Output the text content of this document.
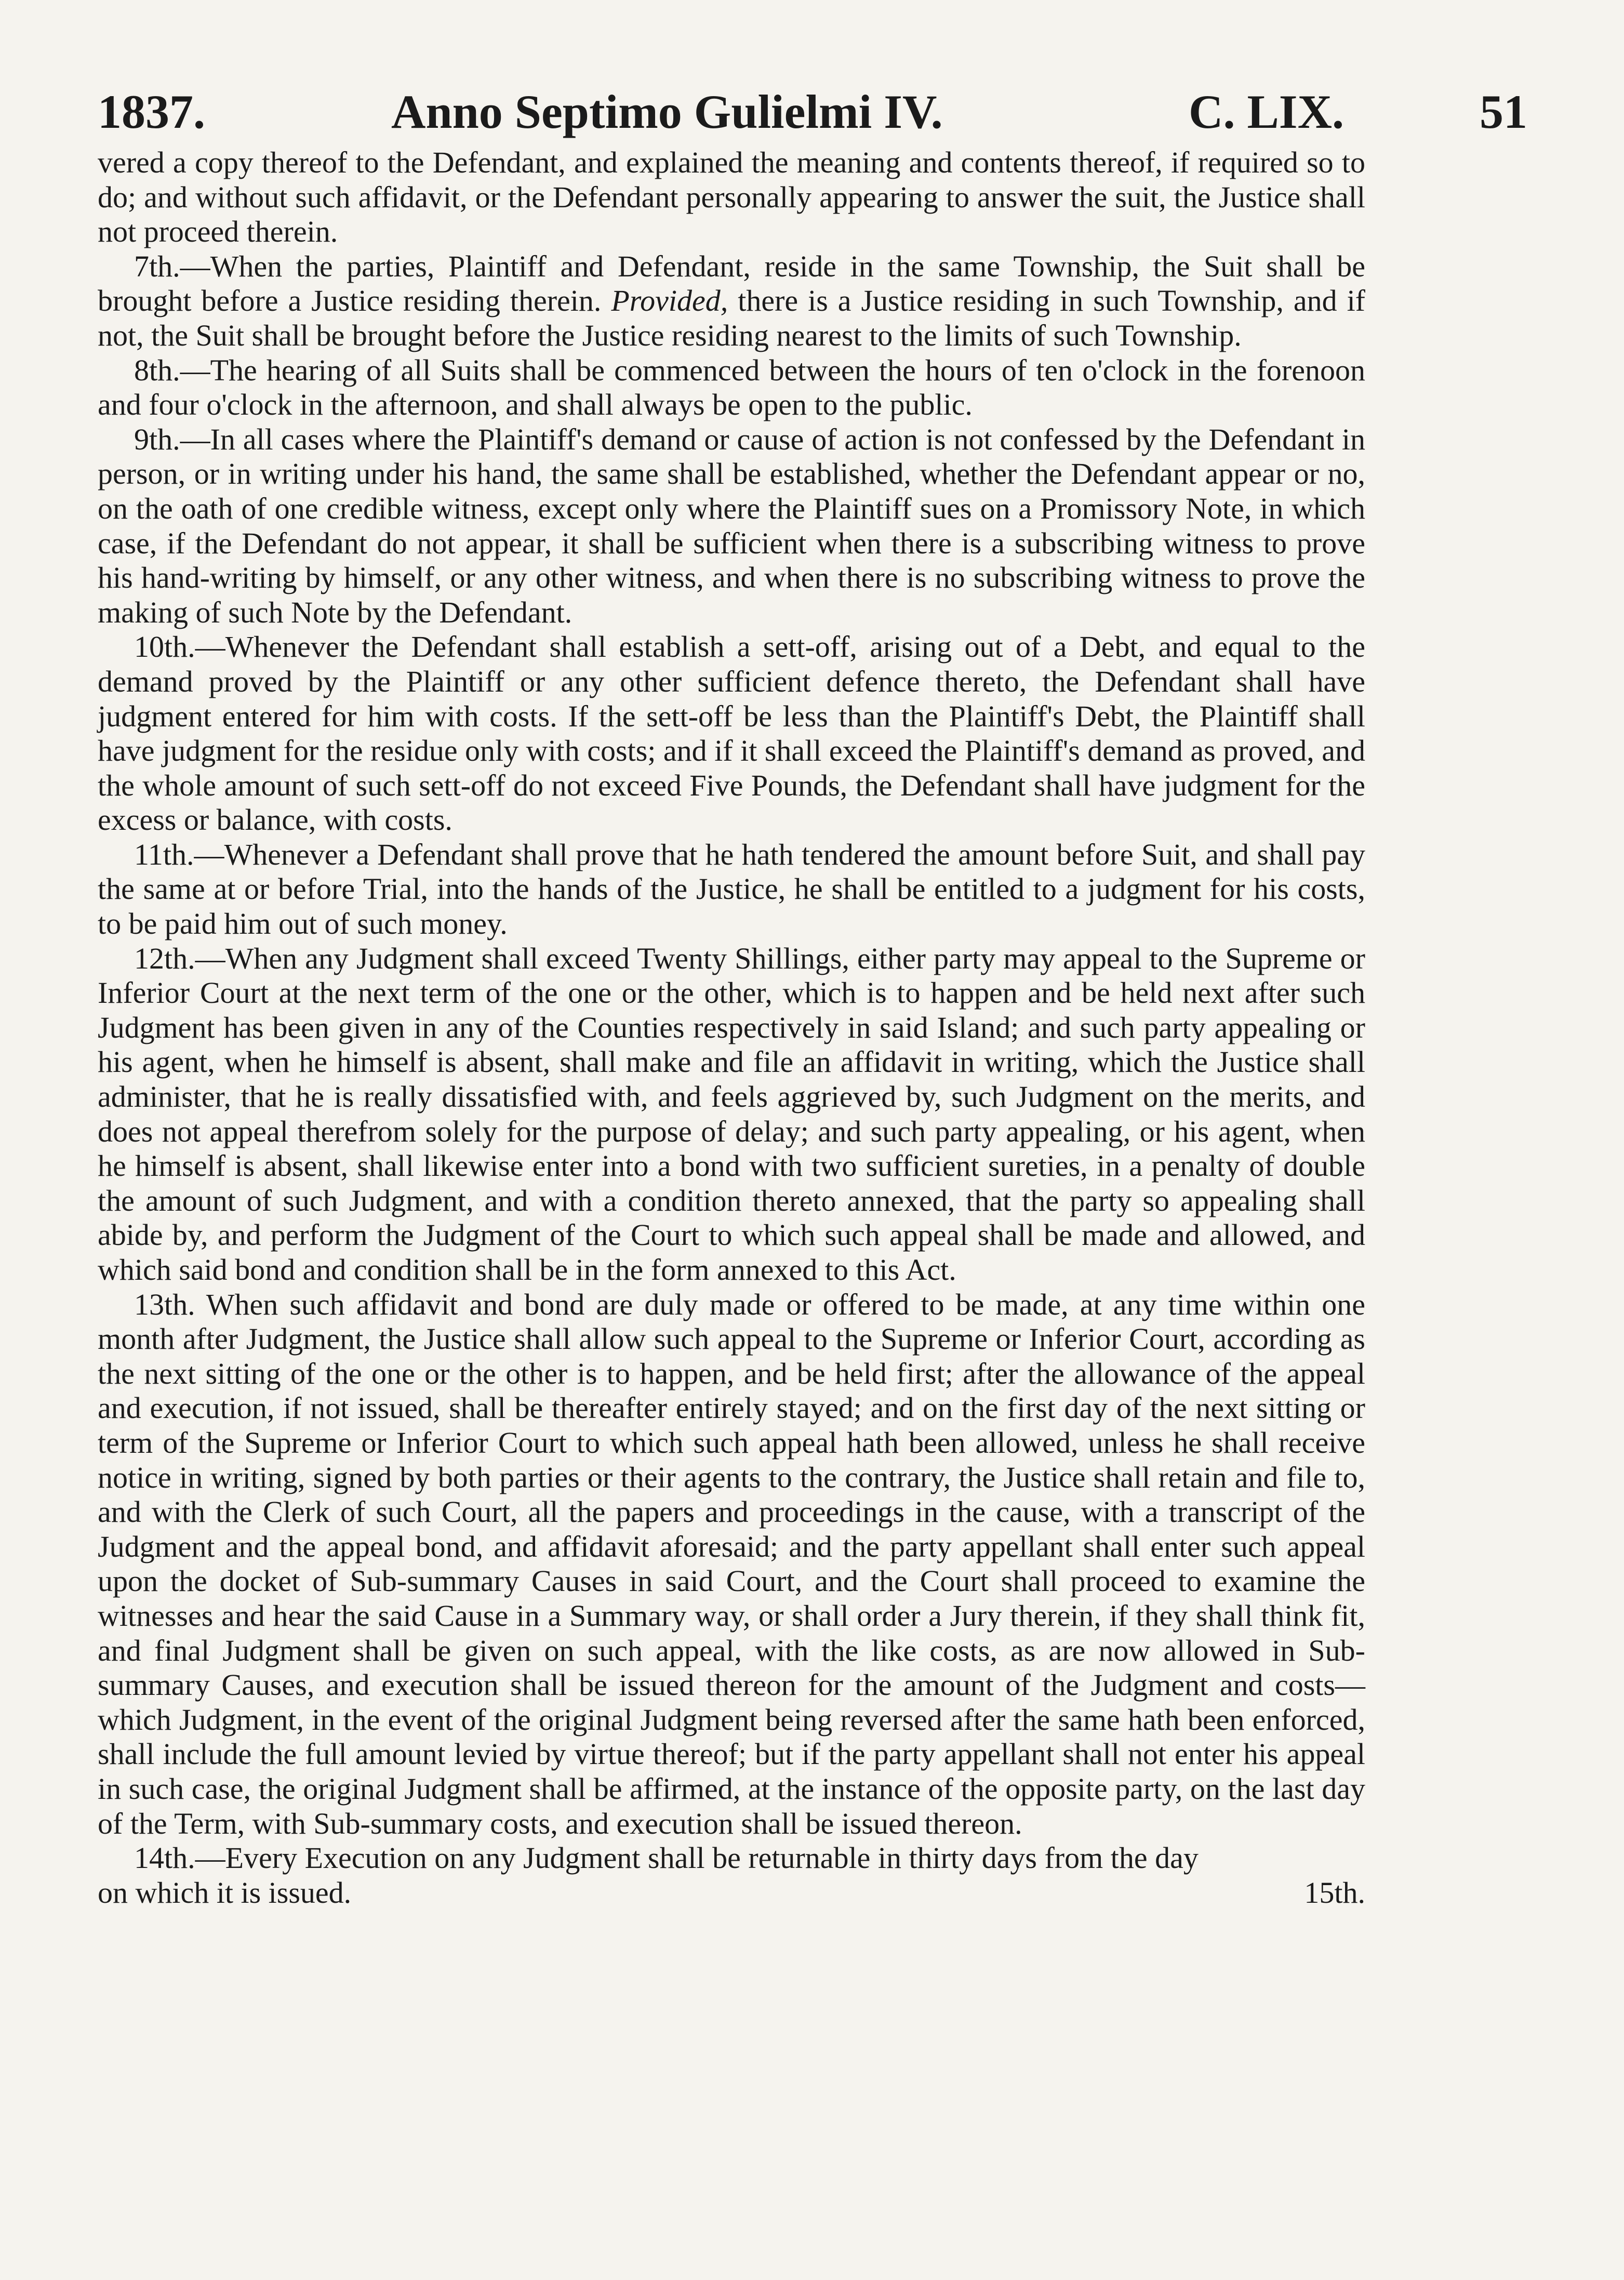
1837.	Anno Septimo Gulielmi IV.	C. LIX.	51

vered a copy thereof to the Defendant, and explained the meaning and contents thereof, if required so to do; and without such affidavit, or the Defendant personally appearing to answer the suit, the Justice shall not proceed therein.

7th.—When the parties, Plaintiff and Defendant, reside in the same Township, the Suit shall be brought before a Justice residing therein. Provided, there is a Justice residing in such Township, and if not, the Suit shall be brought before the Justice residing nearest to the limits of such Township.

8th.—The hearing of all Suits shall be commenced between the hours of ten o'clock in the forenoon and four o'clock in the afternoon, and shall always be open to the public.

9th.—In all cases where the Plaintiff's demand or cause of action is not confessed by the Defendant in person, or in writing under his hand, the same shall be established, whether the Defendant appear or no, on the oath of one credible witness, except only where the Plaintiff sues on a Promissory Note, in which case, if the Defendant do not appear, it shall be sufficient when there is a subscribing witness to prove his hand-writing by himself, or any other witness, and when there is no subscribing witness to prove the making of such Note by the Defendant.

10th.—Whenever the Defendant shall establish a sett-off, arising out of a Debt, and equal to the demand proved by the Plaintiff or any other sufficient defence thereto, the Defendant shall have judgment entered for him with costs. If the sett-off be less than the Plaintiff's Debt, the Plaintiff shall have judgment for the residue only with costs; and if it shall exceed the Plaintiff's demand as proved, and the whole amount of such sett-off do not exceed Five Pounds, the Defendant shall have judgment for the excess or balance, with costs.

11th.—Whenever a Defendant shall prove that he hath tendered the amount before Suit, and shall pay the same at or before Trial, into the hands of the Justice, he shall be entitled to a judgment for his costs, to be paid him out of such money.

12th.—When any Judgment shall exceed Twenty Shillings, either party may appeal to the Supreme or Inferior Court at the next term of the one or the other, which is to happen and be held next after such Judgment has been given in any of the Counties respectively in said Island; and such party appealing or his agent, when he himself is absent, shall make and file an affidavit in writing, which the Justice shall administer, that he is really dissatisfied with, and feels aggrieved by, such Judgment on the merits, and does not appeal therefrom solely for the purpose of delay; and such party appealing, or his agent, when he himself is absent, shall likewise enter into a bond with two sufficient sureties, in a penalty of double the amount of such Judgment, and with a condition thereto annexed, that the party so appealing shall abide by, and perform the Judgment of the Court to which such appeal shall be made and allowed, and which said bond and condition shall be in the form annexed to this Act.

13th. When such affidavit and bond are duly made or offered to be made, at any time within one month after Judgment, the Justice shall allow such appeal to the Supreme or Inferior Court, according as the next sitting of the one or the other is to happen, and be held first; after the allowance of the appeal and execution, if not issued, shall be thereafter entirely stayed; and on the first day of the next sitting or term of the Supreme or Inferior Court to which such appeal hath been allowed, unless he shall receive notice in writing, signed by both parties or their agents to the contrary, the Justice shall retain and file to, and with the Clerk of such Court, all the papers and proceedings in the cause, with a transcript of the Judgment and the appeal bond, and affidavit aforesaid; and the party appellant shall enter such appeal upon the docket of Sub-summary Causes in said Court, and the Court shall proceed to examine the witnesses and hear the said Cause in a Summary way, or shall order a Jury therein, if they shall think fit, and final Judgment shall be given on such appeal, with the like costs, as are now allowed in Sub-summary Causes, and execution shall be issued thereon for the amount of the Judgment and costs—which Judgment, in the event of the original Judgment being reversed after the same hath been enforced, shall include the full amount levied by virtue thereof; but if the party appellant shall not enter his appeal in such case, the original Judgment shall be affirmed, at the instance of the opposite party, on the last day of the Term, with Sub-summary costs, and execution shall be issued thereon.

14th.—Every Execution on any Judgment shall be returnable in thirty days from the day

on which it is issued.	15th.
